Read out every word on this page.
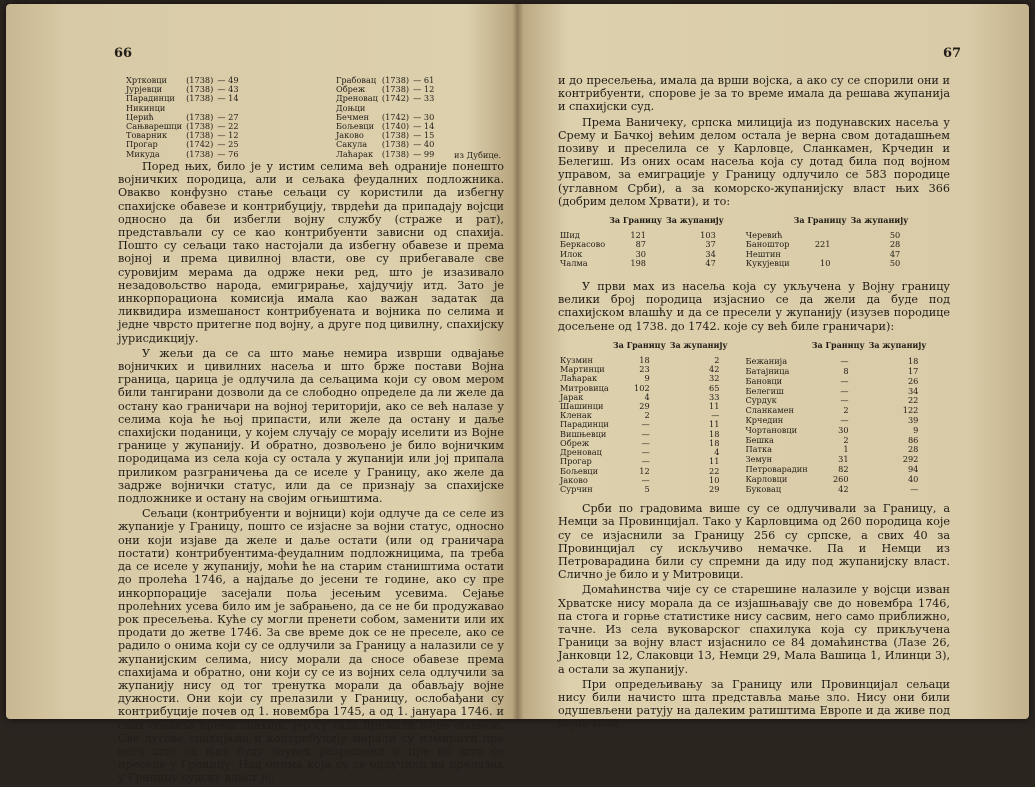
66
Хртковци	(1738)	— 49
Јурјевци	(1738)	— 43
Парадинци	(1738)	— 14
Никинци		
Церић	(1738)	— 27
Сањварешци	(1738)	— 22
Товарник	(1738)	— 12
Прогар	(1742)	— 25
Микуда	(1738)	— 76
Грабовац	(1738)	— 61
Обреж	(1738)	— 12
Дреновац	(1742)	— 33
Доњци		
Бечмен	(1742)	— 30
Бољевци	(1740)	— 14
Јакoво	(1738)	— 15
Сакула	(1738)	— 40
Лаћарак	(1738)	— 99 из Дубице.

Поред њих, било је у истим селима већ одраније понешто војничких породица, али и сељака феудалних подложника. Овакво конфузно стање сељаци су користили да избегну спахијске обавезе и контрибуцију, тврдећи да припадају војсци односно да би избегли војну службу (страже и рат), представљали су се као контрибуенти зависни од спахија. Пошто су сељаци тако настојали да избегну обавезе и према војној и према цивилној власти, ове су прибегавале све суровијим мерама да одрже неки ред, што је изазивало незадовољство народа, емигрирање, хајдучију итд. Зато је инкорпорациона комисија имала као важан задатак да ликвидира измешаност контрибуената и војника по селима и једне чврсто притегне под војну, а друге под цивилну, спахијску јурисдикцију.

У жељи да се са што мање немира изврши одвајање војничких и цивилних насеља и што брже постави Војна граница, царица је одлучила да сељацима који су овом мером били тангирани дозволи да се слободно определе да ли желе да остану као граничари на војној територији, ако се већ налазе у селима која ће њој припасти, или желе да остану и даље спахијски поданици, у којем случају се морају иселити из Војне границе у жупанију. И обратно, дозвољено је било војничким породицама из села која су остала у жупанији или јој припала приликом разграничења да се иселе у Границу, ако желе да задрже војнички статус, или да се признају за спахијске подложнике и остану на својим огњиштима.

Сељаци (контрибуенти и војници) који одлуче да се селе из жупаније у Границу, пошто се изјасне за војни статус, односно они који изјаве да желе и даље остати (или од граничара постати) контрибуентима-феудалним подложницима, па треба да се иселе у жупанију, моћи ће на старим стаништима остати до пролећа 1746, а најдаље до јесени те године, ако су пре инкорпорације засејали поља јесењим усевима. Сејање пролећних усева било им је забрањено, да се не би продужавао рок пресељења. Куће су могли пренети собом, заменити или их продати до жетве 1746. За све време док се не преселе, ако се радило о онима који су се одлучили за Границу а налазили се у жупанијским селима, нису морали да сносе обавезе према спахијама и обратно, они који су се из војних села одлучили за жупанију нису од тог тренутка морали да обављају војне дужности. Они који су прелазили у Границу, ослобађани су контрибуције почев од 1. новембра 1745, а од 1. јануара 1746. и свих обавеза према спахији, јер су тада примали војне обавезе. Све дугове спахијама и контрибуцију морали су измирити пре него што од њих буду заувек разрешени и пре но што се преселе у Границу. Над онима који су се одлучили на прелазак у Границу судску власт је,

67

и до пресељења, имала да врши војска, а ако су се спорили они и контрибуенти, спорове је за то време имала да решава жупанија и спахијски суд.

Према Ваничеку, српска милиција из подунавских насеља у Срему и Бачкој већим делом остала је верна свом дотадашњем позиву и преселила се у Карловце, Сланкамен, Крчедин и Белегиш. Из оних осам насеља која су дотад била под војном управом, за емиграције у Границу одлучило се 583 породице (углавном Срби), а за коморско-жупанијску власт њих 366 (добрим делом Хрвати), и то:

	За Границу	За жупанију
Шид	121	103
Беркасово	87	37
Илок	30	34
Чалма	198	47
	За Границу	За жупанију
Черевић		50
Баноштор	221	28
Нештин		47
Кукујевци	10	50

У први мах из насеља која су укључена у Војну границу велики број породица изјаснио се да жели да буде под спахијском влашћу и да се пресели у жупанију (изузев породице досељене од 1738. до 1742. које су већ биле граничари):

	За Границу	За жупанију
Кузмин	18	2
Мартинци	23	42
Лаћарак	9	32
Митровица	102	65
Јарак	4	33
Шашинци	29	11
Кленак	2	—
Парадинци	—	11
Вишњевци	—	18
Обреж	—	18
Дреновац	—	4
Прогар	—	11
Бољевци	12	22
Јакoво	—	10
Сурчин	5	29
	За Границу	За жупанију
Бежанија	—	18
Батајница	8	17
Бановци	—	26
Белегиш	—	34
Сурдук	—	22
Сланкамен	2	122
Крчедин	—	39
Чортановци	30	9
Бешка	2	86
Патка	1	28
Земун	31	292
Петроварадин	82	94
Карловци	260	40
Буковац	42	—

Срби по градовима више су се одлучивали за Границу, а Немци за Провинцијал. Тако у Карловцима од 260 породица које су се изјаснили за Границу 256 су српске, а свих 40 за Провинцијал су искључиво немачке. Па и Немци из Петроварадина били су спремни да иду под жупанијску власт. Слично је било и у Митровици.

Домаћинства чије су се старешине налазиле у војсци изван Хрватске нису морала да се изјашњавају све до новембра 1746, па стога и горње статистике нису сасвим, него само приближно, тачне. Из села вуковарског спахилука која су прикључена Граници за војну власт изјаснило се 84 домаћинства (Лазе 26, Јанковци 12, Слаковци 13, Немци 29, Мала Вашица 1, Илинци 3), а остали за жупанију.

При опредељивању за Границу или Провинцијал сељаци нису били начисто шта представља мање зло. Нису они били одушевљени ратују на далеким ратиштима Европе и да живе под војничком
